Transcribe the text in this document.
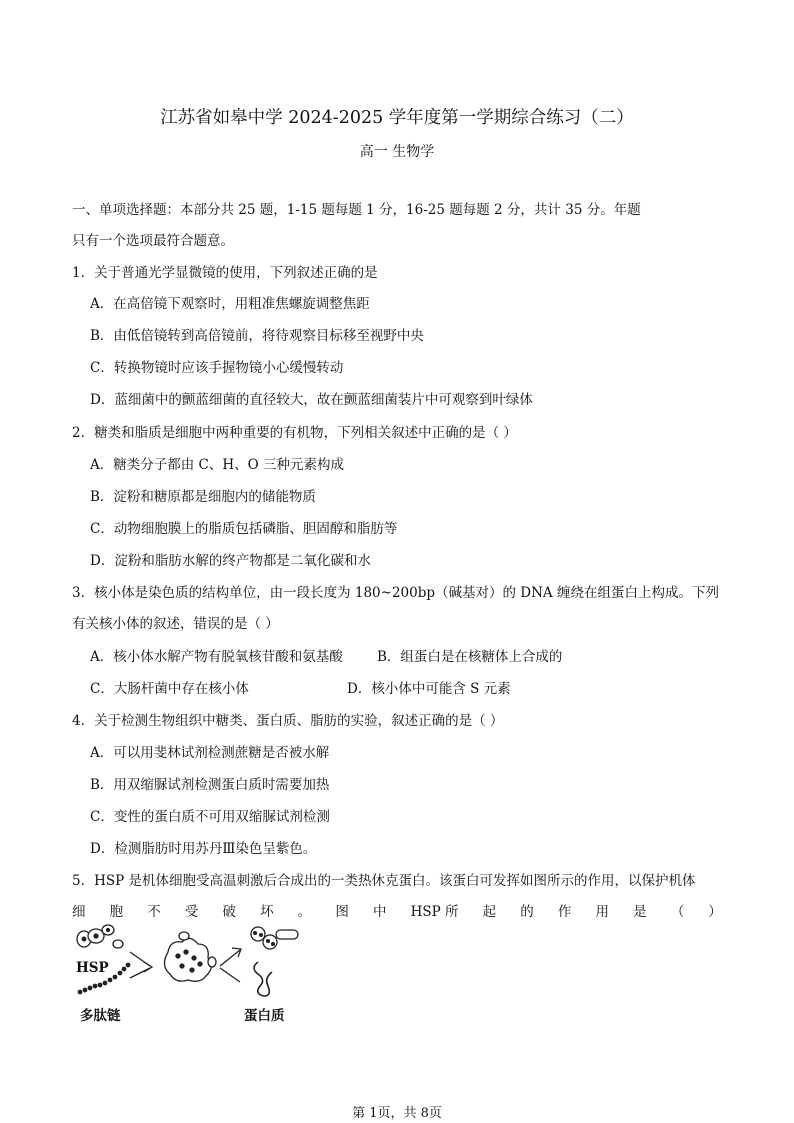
江苏省如皋中学 2024-2025 学年度第一学期综合练习（二）
高一 生物学
一、单项选择题：本部分共 25 题，1-15 题每题 1 分，16-25 题每题 2 分，共计 35 分。年题
只有一个选项最符合题意。
1．关于普通光学显微镜的使用，下列叙述正确的是
A．在高倍镜下观察时，用粗准焦螺旋调整焦距
B．由低倍镜转到高倍镜前，将待观察目标移至视野中央
C．转换物镜时应该手握物镜小心缓慢转动
D．蓝细菌中的颤蓝细菌的直径较大，故在颤蓝细菌装片中可观察到叶绿体
2．糖类和脂质是细胞中两种重要的有机物，下列相关叙述中正确的是（ ）
A．糖类分子都由 C、H、O 三种元素构成
B．淀粉和糖原都是细胞内的储能物质
C．动物细胞膜上的脂质包括磷脂、胆固醇和脂肪等
D．淀粉和脂肪水解的终产物都是二氧化碳和水
3．核小体是染色质的结构单位，由一段长度为 180~200bp（碱基对）的 DNA 缠绕在组蛋白上构成。下列
有关核小体的叙述，错误的是（ ）
A．核小体水解产物有脱氧核苷酸和氨基酸	B．组蛋白是在核糖体上合成的
C．大肠杆菌中存在核小体	D．核小体中可能含 S 元素
4．关于检测生物组织中糖类、蛋白质、脂肪的实验，叙述正确的是（ ）
A．可以用斐林试剂检测蔗糖是否被水解
B．用双缩脲试剂检测蛋白质时需要加热
C．变性的蛋白质不可用双缩脲试剂检测
D．检测脂肪时用苏丹Ⅲ染色呈紫色。
5．HSP 是机体细胞受高温刺激后合成出的一类热休克蛋白。该蛋白可发挥如图所示的作用，以保护机体
细 胞 不 受 破 坏 。 图 中 HSP 所 起 的 作 用 是 （ ）
HSP
多肽链	蛋白质
第 1页，共 8页
